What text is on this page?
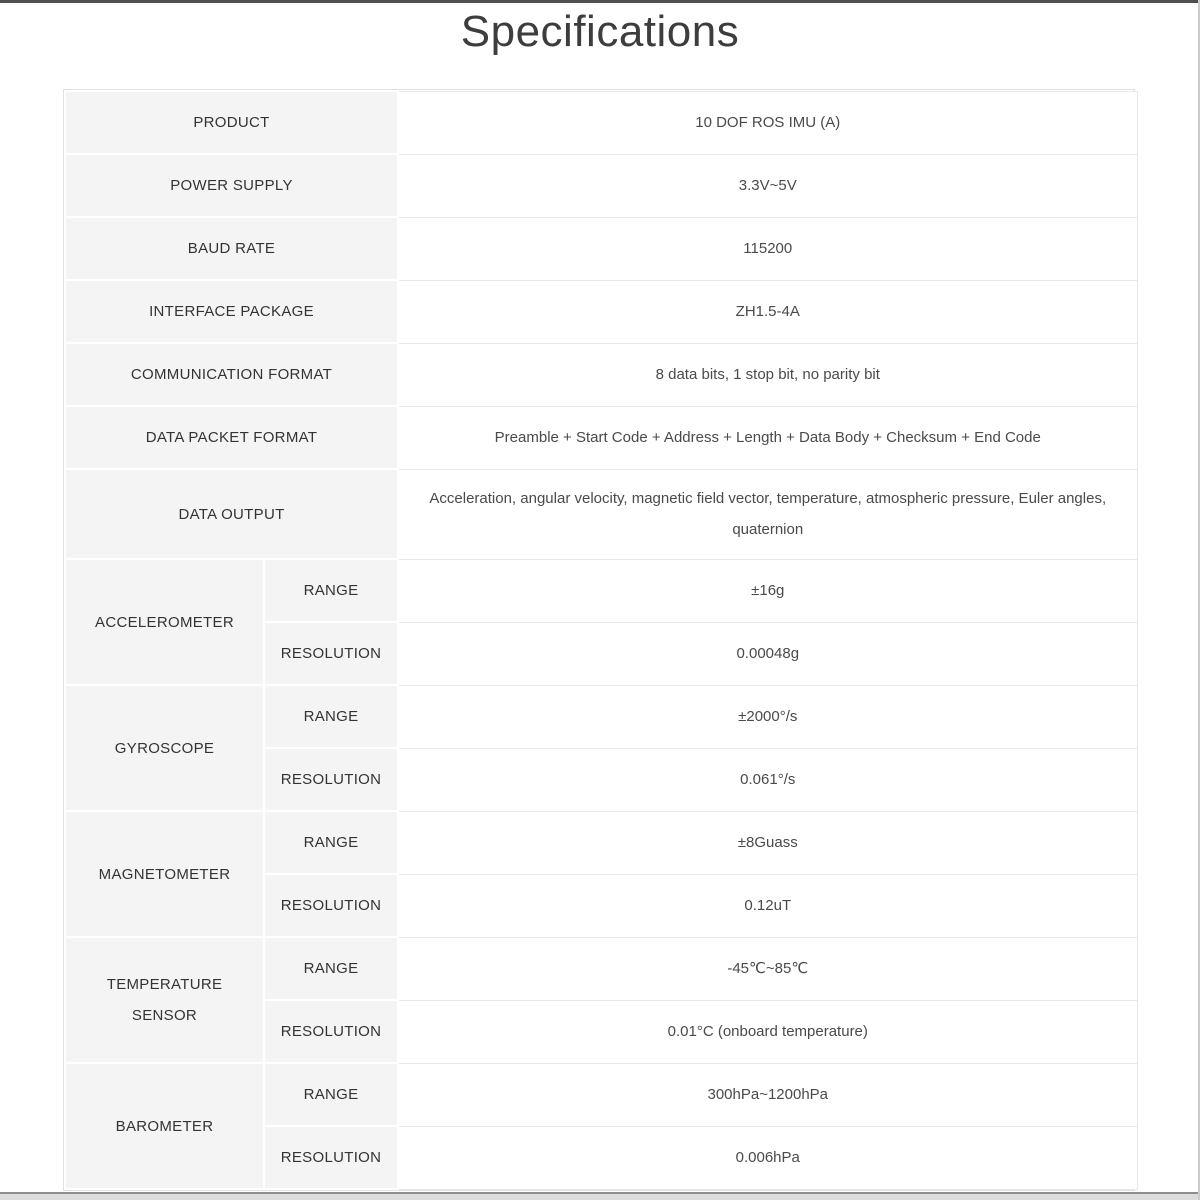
Specifications
PRODUCT		10 DOF ROS IMU (A)
POWER SUPPLY		3.3V~5V
BAUD RATE		115200
INTERFACE PACKAGE		ZH1.5-4A
COMMUNICATION FORMAT		8 data bits, 1 stop bit, no parity bit
DATA PACKET FORMAT		Preamble + Start Code + Address + Length + Data Body + Checksum + End Code
DATA OUTPUT		Acceleration, angular velocity, magnetic field vector, temperature, atmospheric pressure, Euler angles, quaternion
ACCELEROMETER	RANGE	±16g
	RESOLUTION	0.00048g
GYROSCOPE	RANGE	±2000°/s
	RESOLUTION	0.061°/s
MAGNETOMETER	RANGE	±8Guass
	RESOLUTION	0.12uT
TEMPERATURE SENSOR	RANGE	-45℃~85℃
	RESOLUTION	0.01°C (onboard temperature)
BAROMETER	RANGE	300hPa~1200hPa
	RESOLUTION	0.006hPa
